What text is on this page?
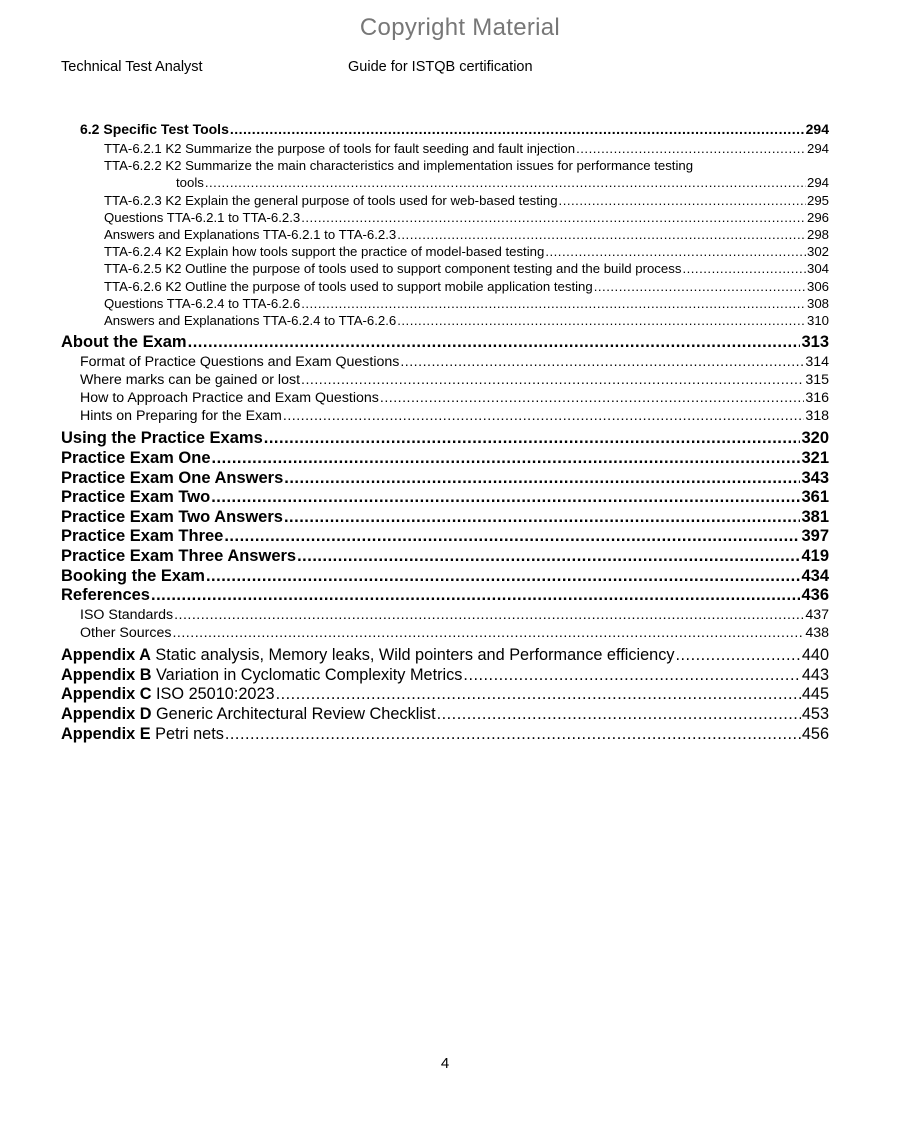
Copyright Material
Technical Test Analyst	Guide for ISTQB certification
6.2 Specific Test Tools .....	294
TTA-6.2.1 K2 Summarize the purpose of tools for fault seeding and fault injection .....	294
TTA-6.2.2 K2 Summarize the main characteristics and implementation issues for performance testing
tools .....	294
TTA-6.2.3 K2 Explain the general purpose of tools used for web-based testing .....	295
Questions TTA-6.2.1 to TTA-6.2.3 .....	296
Answers and Explanations TTA-6.2.1 to TTA-6.2.3 .....	298
TTA-6.2.4 K2 Explain how tools support the practice of model-based testing .....	302
TTA-6.2.5 K2 Outline the purpose of tools used to support component testing and the build process .....	304
TTA-6.2.6 K2 Outline the purpose of tools used to support mobile application testing .....	306
Questions TTA-6.2.4 to TTA-6.2.6 .....	308
Answers and Explanations TTA-6.2.4 to TTA-6.2.6 .....	310
About the Exam .....	313
Format of Practice Questions and Exam Questions .....	314
Where marks can be gained or lost .....	315
How to Approach Practice and Exam Questions .....	316
Hints on Preparing for the Exam .....	318
Using the Practice Exams .....	320
Practice Exam One .....	321
Practice Exam One Answers .....	343
Practice Exam Two .....	361
Practice Exam Two Answers .....	381
Practice Exam Three .....	397
Practice Exam Three Answers .....	419
Booking the Exam .....	434
References .....	436
ISO Standards .....	437
Other Sources .....	438
Appendix A Static analysis, Memory leaks, Wild pointers and Performance efficiency .....	440
Appendix B Variation in Cyclomatic Complexity Metrics .....	443
Appendix C ISO 25010:2023 .....	445
Appendix D Generic Architectural Review Checklist .....	453
Appendix E Petri nets .....	456
4
